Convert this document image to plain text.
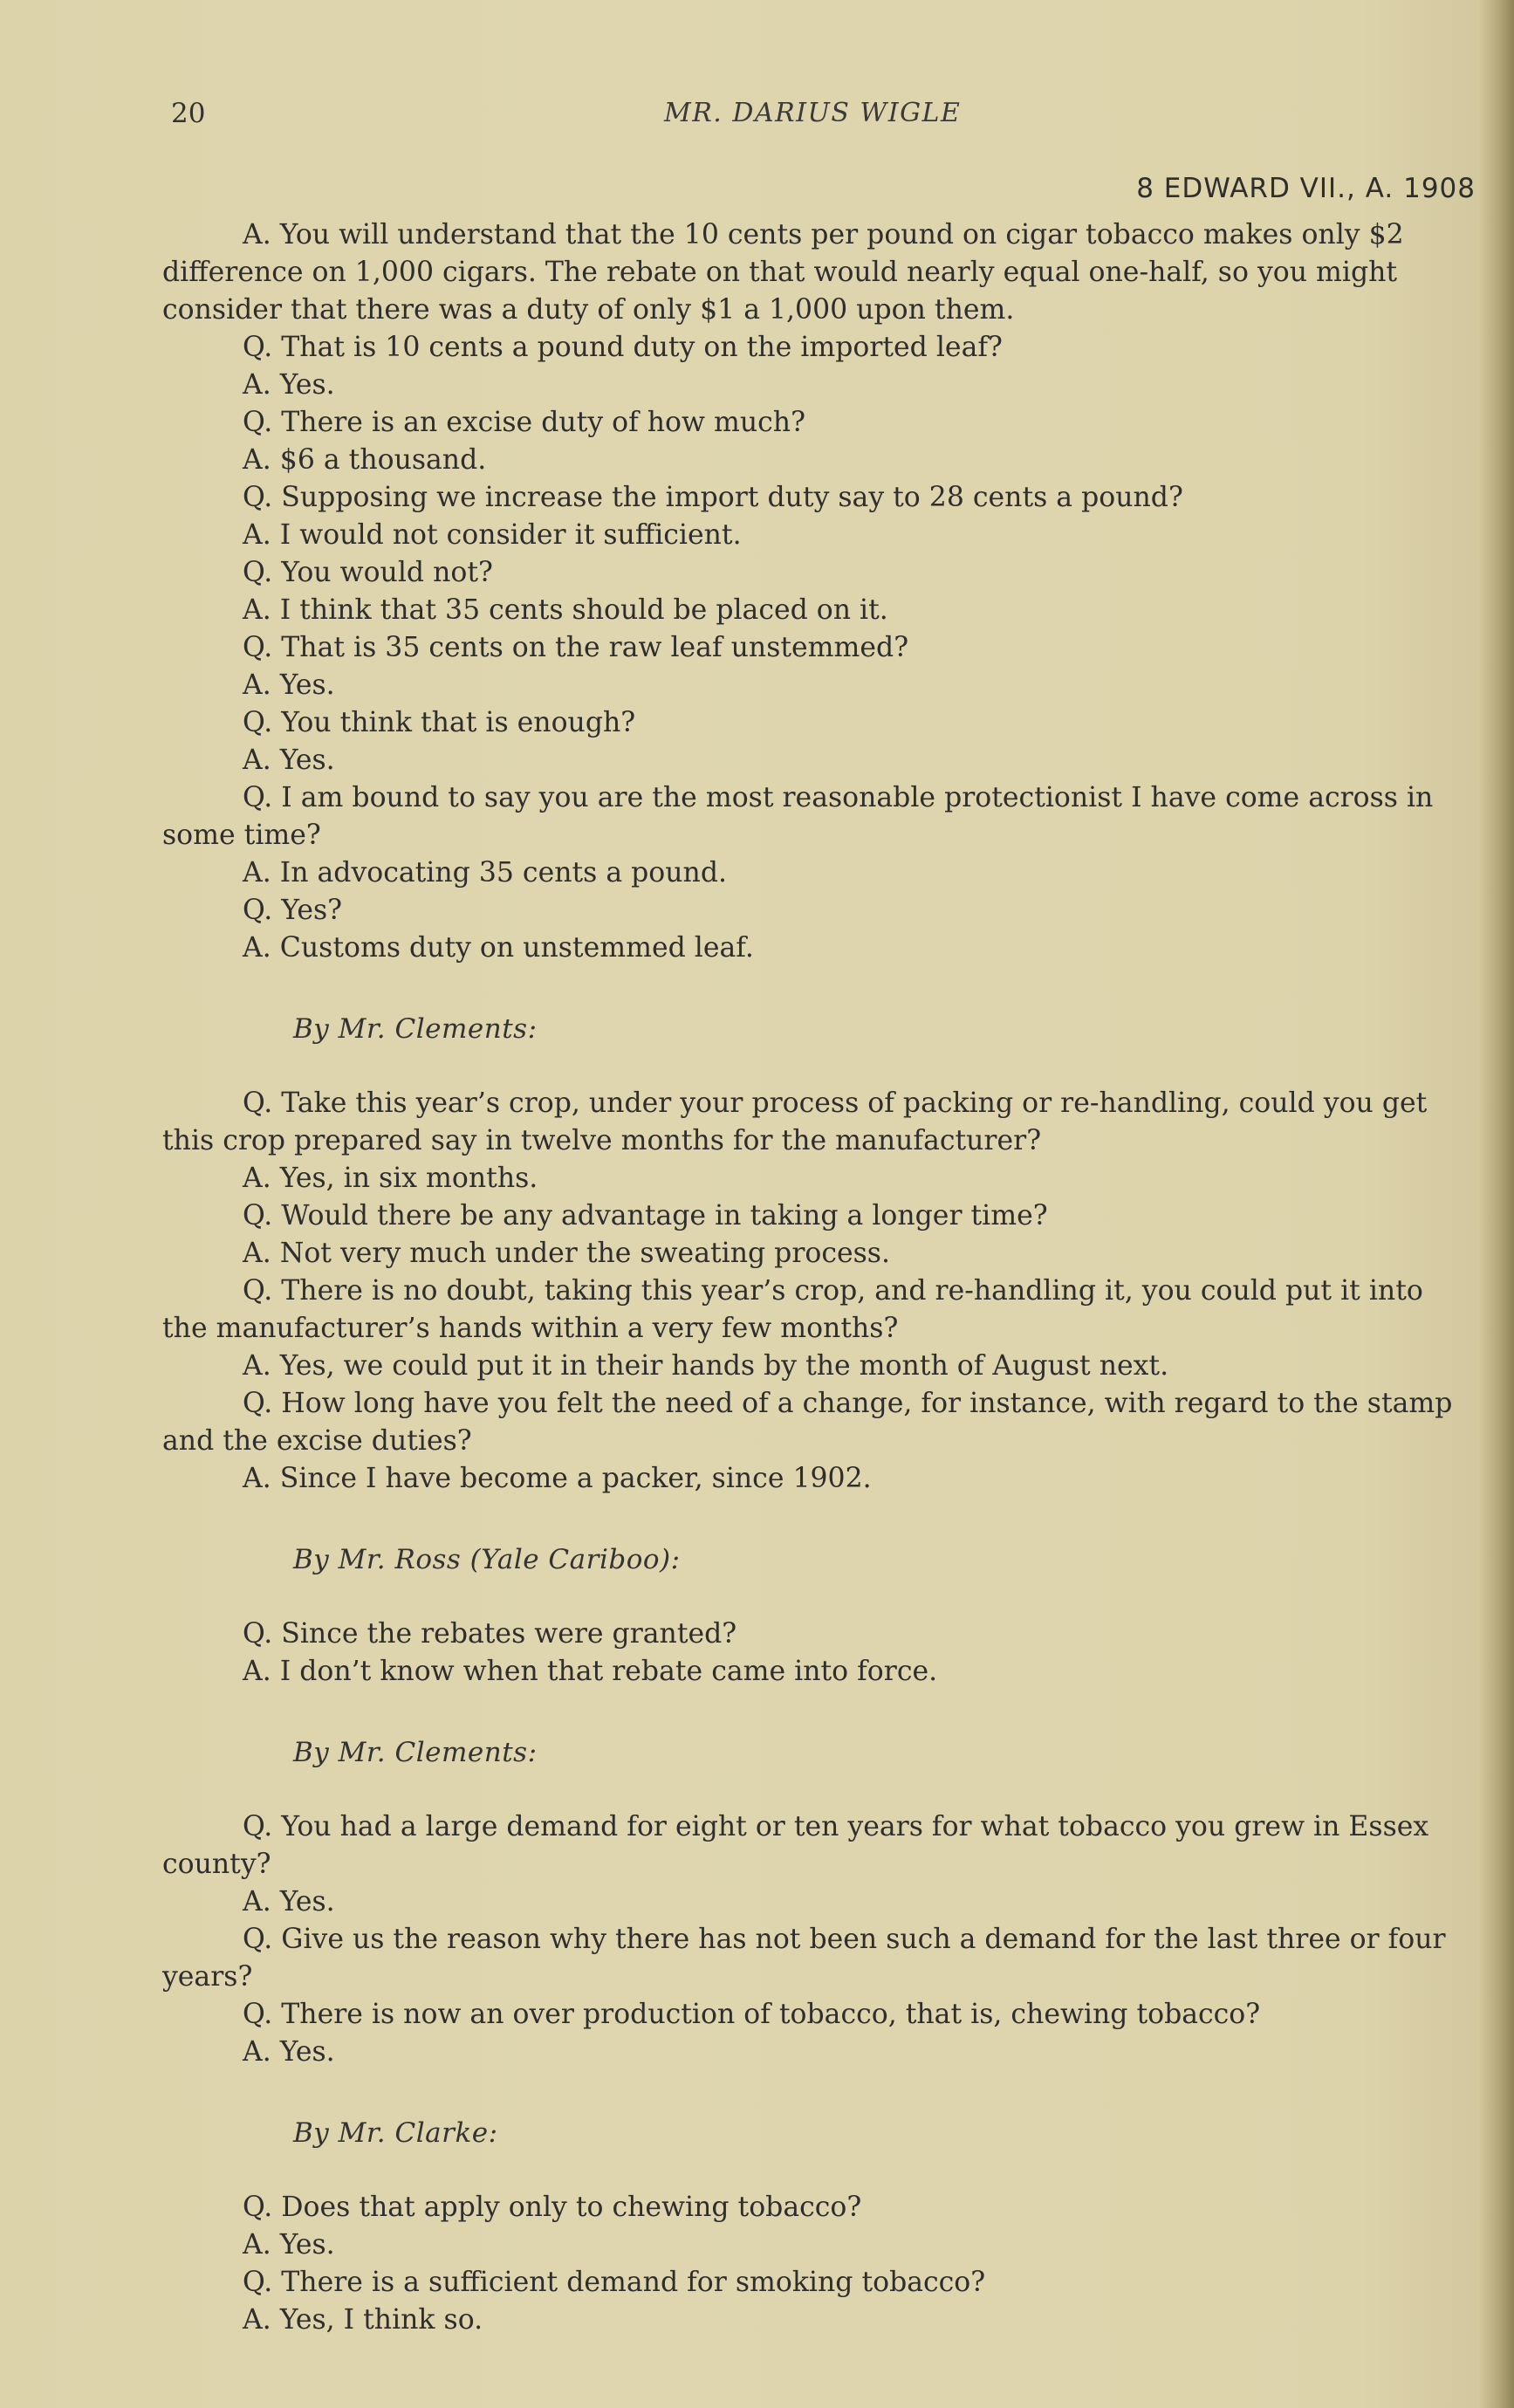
20	MR. DARIUS WIGLE
8 EDWARD VII., A. 1908

A. You will understand that the 10 cents per pound on cigar tobacco makes only $2 difference on 1,000 cigars. The rebate on that would nearly equal one-half, so you might consider that there was a duty of only $1 a 1,000 upon them.

Q. That is 10 cents a pound duty on the imported leaf?

A. Yes.

Q. There is an excise duty of how much?

A. $6 a thousand.

Q. Supposing we increase the import duty say to 28 cents a pound?

A. I would not consider it sufficient.

Q. You would not?

A. I think that 35 cents should be placed on it.

Q. That is 35 cents on the raw leaf unstemmed?

A. Yes.

Q. You think that is enough?

A. Yes.

Q. I am bound to say you are the most reasonable protectionist I have come across in some time?

A. In advocating 35 cents a pound.

Q. Yes?

A. Customs duty on unstemmed leaf.

By Mr. Clements:

Q. Take this year’s crop, under your process of packing or re-handling, could you get this crop prepared say in twelve months for the manufacturer?

A. Yes, in six months.

Q. Would there be any advantage in taking a longer time?

A. Not very much under the sweating process.

Q. There is no doubt, taking this year’s crop, and re-handling it, you could put it into the manufacturer’s hands within a very few months?

A. Yes, we could put it in their hands by the month of August next.

Q. How long have you felt the need of a change, for instance, with regard to the stamp and the excise duties?

A. Since I have become a packer, since 1902.

By Mr. Ross (Yale Cariboo):

Q. Since the rebates were granted?

A. I don’t know when that rebate came into force.

By Mr. Clements:

Q. You had a large demand for eight or ten years for what tobacco you grew in Essex county?

A. Yes.

Q. Give us the reason why there has not been such a demand for the last three or four years?

Q. There is now an over production of tobacco, that is, chewing tobacco?

A. Yes.

By Mr. Clarke:

Q. Does that apply only to chewing tobacco?

A. Yes.

Q. There is a sufficient demand for smoking tobacco?

A. Yes, I think so.
